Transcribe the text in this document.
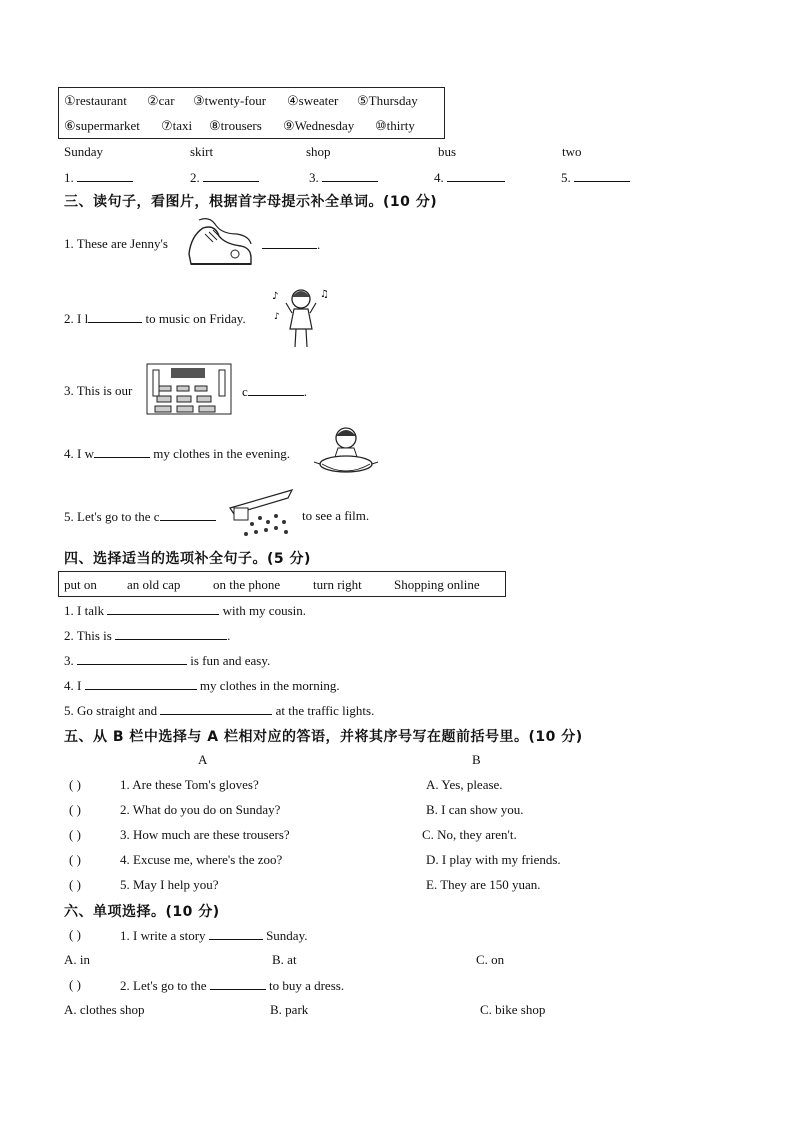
①restaurant ②car ③twenty-four ④sweater ⑤Thursday
⑥supermarket ⑦taxi ⑧trousers ⑨Wednesday ⑩thirty
Sunday	skirt	shop	bus	two
1.	2.	3.	4.	5.
三、读句子，看图片，根据首字母提示补全单词。(10 分)
1. These are Jenny's	.
2. I l	to music on Friday.
♪	♫
♪
3. This is our	c	.
4. I w	my clothes in the evening.
5. Let's go to the c	to see a film.
四、选择适当的选项补全句子。(5 分)
put on an old cap	on the phone	turn right Shopping online
1. I talk	with my cousin.
2. This is	.
3.	is fun and easy.
4. I	my clothes in the morning.
5. Go straight and	at the traffic lights.
五、从 B 栏中选择与 A 栏相对应的答语，并将其序号写在题前括号里。(10 分)
A	B
( )	1. Are these Tom's gloves?	A. Yes, please.
( )	2. What do you do on Sunday?	B. I can show you.
( )	3. How much are these trousers?	C. No, they aren't.
( )	4. Excuse me, where's the zoo?	D. I play with my friends.
( )	5. May I help you?	E. They are 150 yuan.
六、单项选择。(10 分)
( )	1. I write a story	Sunday.
A. in	B. at	C. on
( )	2. Let's go to the	to buy a dress.
A. clothes shop	B. park	C. bike shop
